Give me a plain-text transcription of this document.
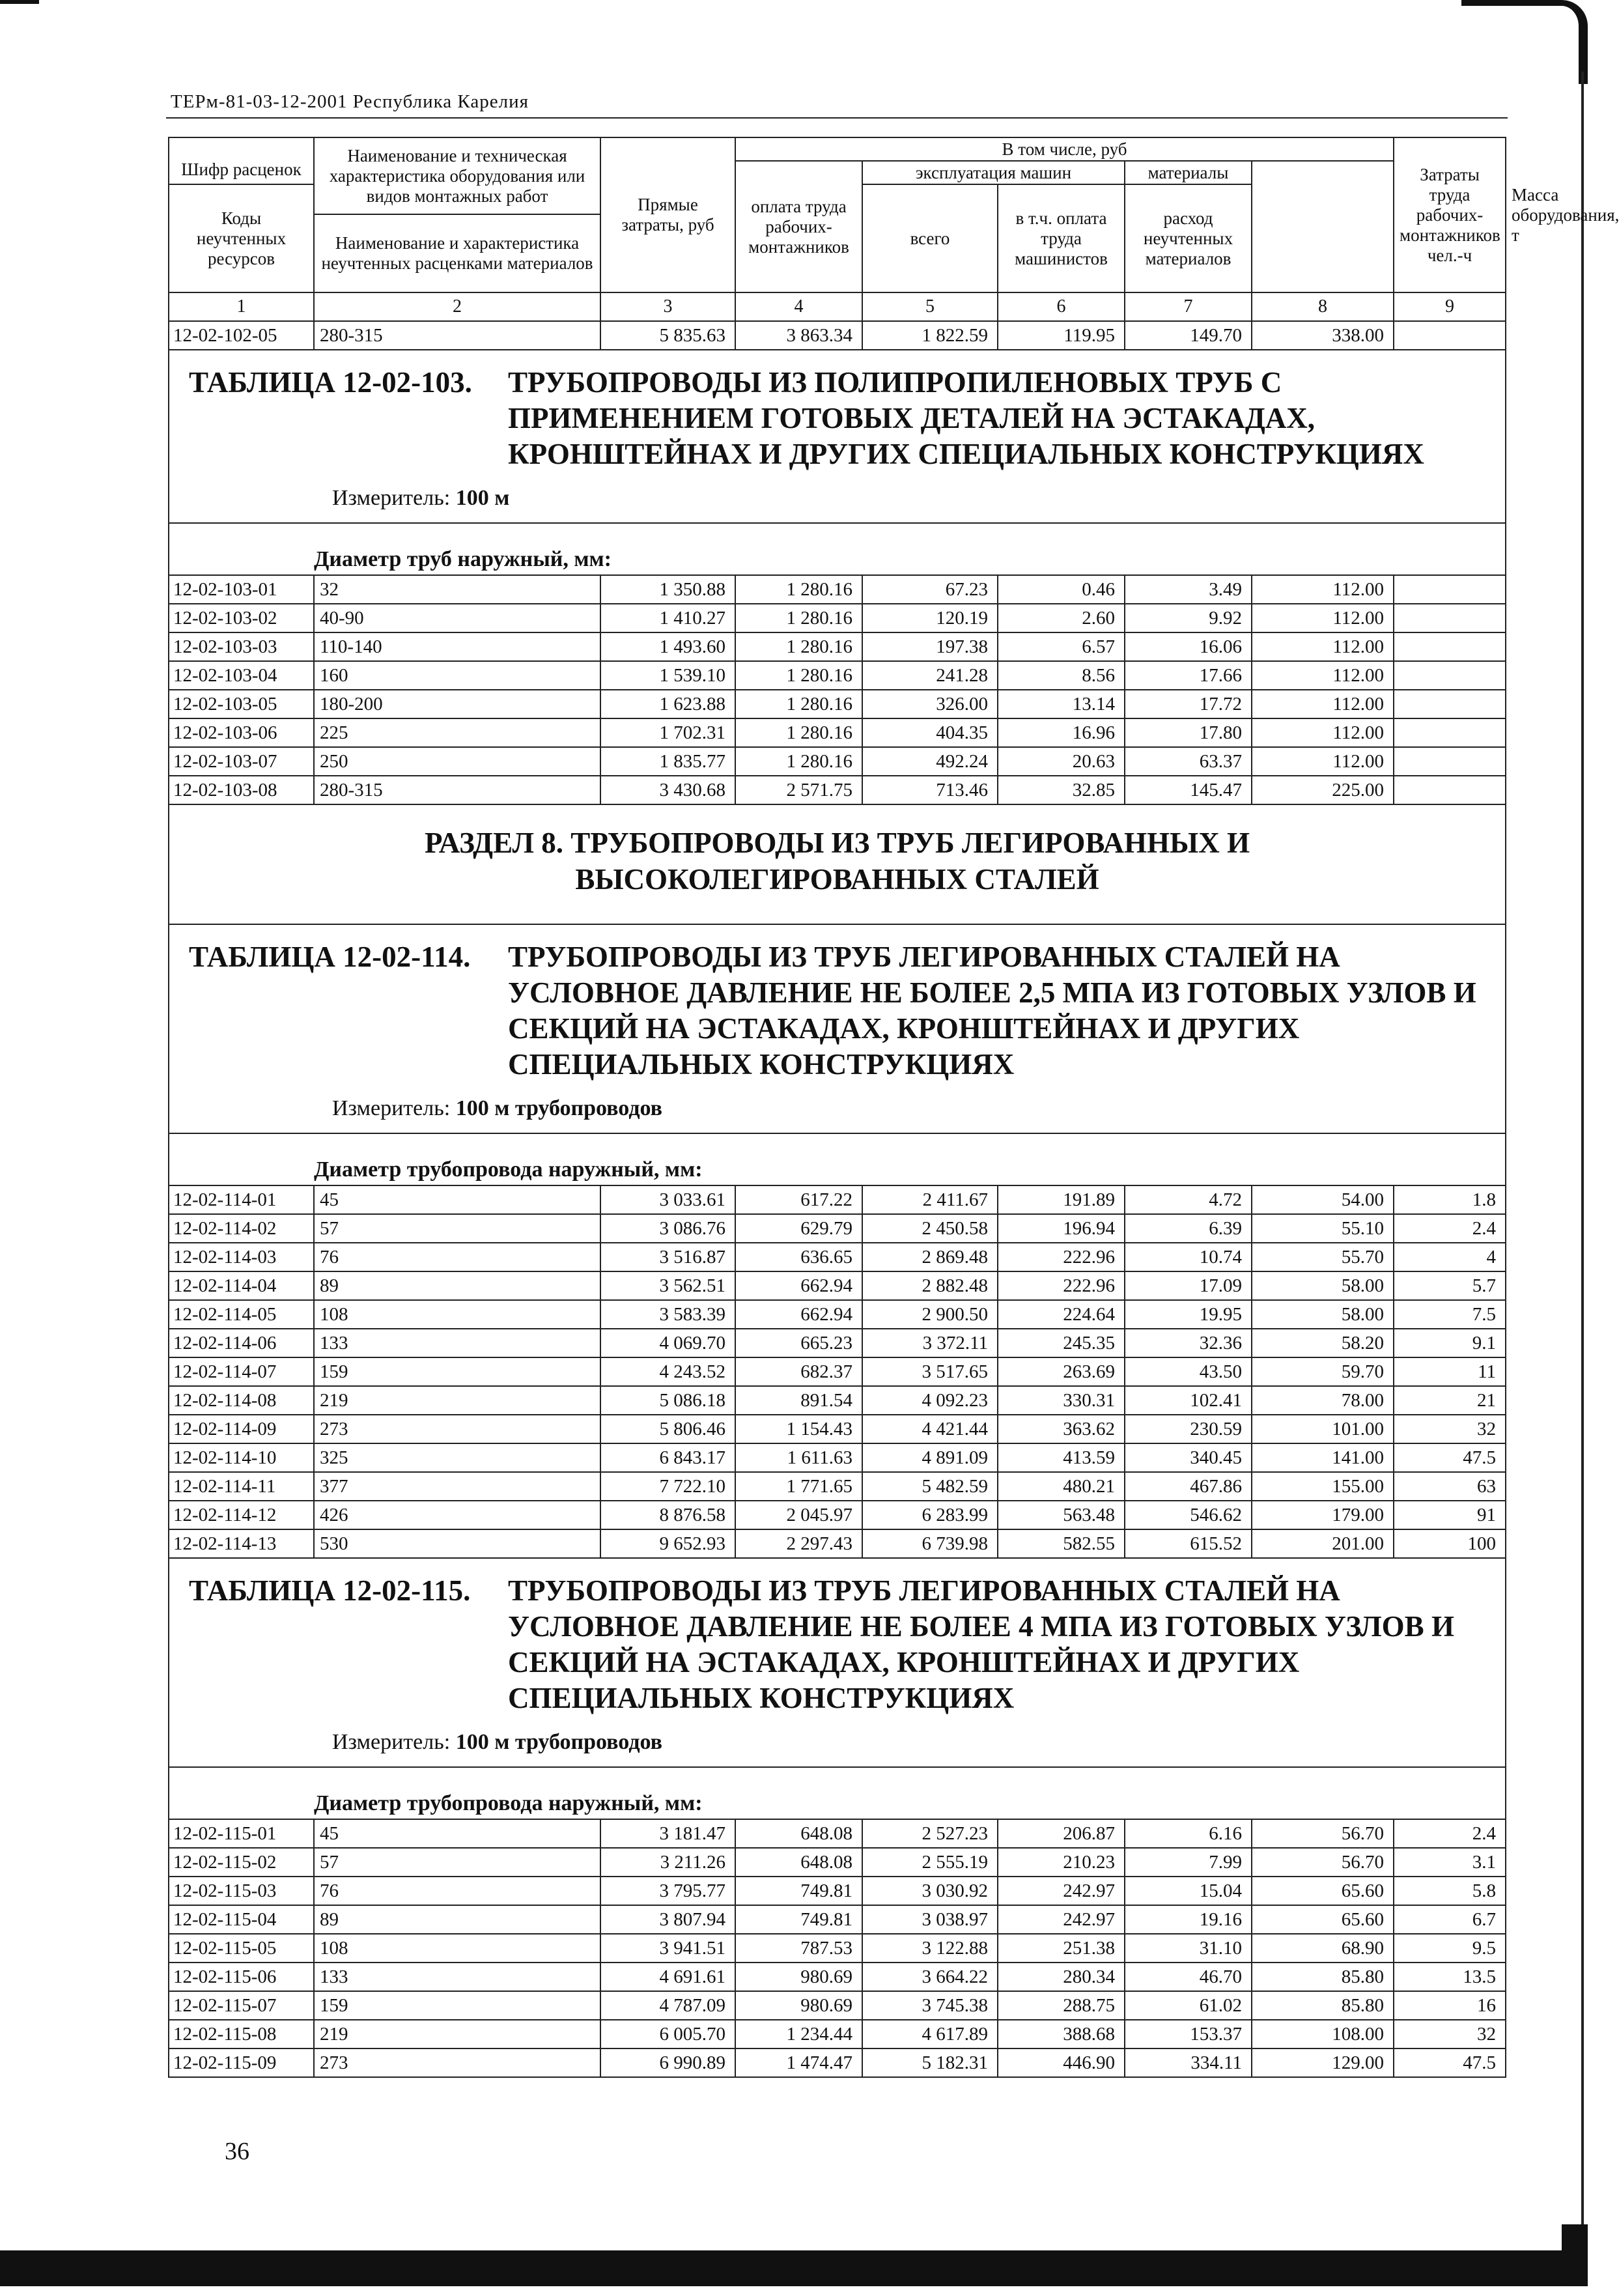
ТЕРм-81-03-12-2001 Республика Карелия
Шифр расценок	Наименование и техническая характеристика оборудования или видов монтажных работ	Прямые затраты, руб	В том числе, руб					Затраты труда рабочих-монтажников чел.-ч	Масса оборудования, т
			оплата труда рабочих-монтажников	эксплуатация машин		материалы		
Коды неучтенных ресурсов				всего	в т.ч. оплата труда машинистов	расход неучтенных материалов			
	Наименование и характеристика неучтенных расценками материалов								

1	2	3	4	5	6	7	8	9	
12-02-102-05	280-315	5 835.63	3 863.34	1 822.59	119.95	149.70	338.00		
ТАБЛИЦА 12-02-103. ТРУБОПРОВОДЫ ИЗ ПОЛИПРОПИЛЕНОВЫХ ТРУБ С
ПРИМЕНЕНИЕМ ГОТОВЫХ ДЕТАЛЕЙ НА ЭСТАКАДАХ,
КРОНШТЕЙНАХ И ДРУГИХ СПЕЦИАЛЬНЫХ КОНСТРУКЦИЯХ
Измеритель: 100 м									

Диаметр труб наружный, мм:									
12-02-103-01	32	1 350.88	1 280.16	67.23	0.46	3.49	112.00		
12-02-103-02	40-90	1 410.27	1 280.16	120.19	2.60	9.92	112.00		
12-02-103-03	110-140	1 493.60	1 280.16	197.38	6.57	16.06	112.00		
12-02-103-04	160	1 539.10	1 280.16	241.28	8.56	17.66	112.00		
12-02-103-05	180-200	1 623.88	1 280.16	326.00	13.14	17.72	112.00		
12-02-103-06	225	1 702.31	1 280.16	404.35	16.96	17.80	112.00		
12-02-103-07	250	1 835.77	1 280.16	492.24	20.63	63.37	112.00		
12-02-103-08	280-315	3 430.68	2 571.75	713.46	32.85	145.47	225.00		

РАЗДЕЛ 8. ТРУБОПРОВОДЫ ИЗ ТРУБ ЛЕГИРОВАННЫХ И
ВЫСОКОЛЕГИРОВАННЫХ СТАЛЕЙ									

ТАБЛИЦА 12-02-114. ТРУБОПРОВОДЫ ИЗ ТРУБ ЛЕГИРОВАННЫХ СТАЛЕЙ НА
УСЛОВНОЕ ДАВЛЕНИЕ НЕ БОЛЕЕ 2,5 МПА ИЗ ГОТОВЫХ УЗЛОВ И
СЕКЦИЙ НА ЭСТАКАДАХ, КРОНШТЕЙНАХ И ДРУГИХ
СПЕЦИАЛЬНЫХ КОНСТРУКЦИЯХ
Измеритель: 100 м трубопроводов									

Диаметр трубопровода наружный, мм:									
12-02-114-01	45	3 033.61	617.22	2 411.67	191.89	4.72	54.00	1.8	
12-02-114-02	57	3 086.76	629.79	2 450.58	196.94	6.39	55.10	2.4	
12-02-114-03	76	3 516.87	636.65	2 869.48	222.96	10.74	55.70	4	
12-02-114-04	89	3 562.51	662.94	2 882.48	222.96	17.09	58.00	5.7	
12-02-114-05	108	3 583.39	662.94	2 900.50	224.64	19.95	58.00	7.5	
12-02-114-06	133	4 069.70	665.23	3 372.11	245.35	32.36	58.20	9.1	
12-02-114-07	159	4 243.52	682.37	3 517.65	263.69	43.50	59.70	11	
12-02-114-08	219	5 086.18	891.54	4 092.23	330.31	102.41	78.00	21	
12-02-114-09	273	5 806.46	1 154.43	4 421.44	363.62	230.59	101.00	32	
12-02-114-10	325	6 843.17	1 611.63	4 891.09	413.59	340.45	141.00	47.5	
12-02-114-11	377	7 722.10	1 771.65	5 482.59	480.21	467.86	155.00	63	
12-02-114-12	426	8 876.58	2 045.97	6 283.99	563.48	546.62	179.00	91	
12-02-114-13	530	9 652.93	2 297.43	6 739.98	582.55	615.52	201.00	100	
ТАБЛИЦА 12-02-115. ТРУБОПРОВОДЫ ИЗ ТРУБ ЛЕГИРОВАННЫХ СТАЛЕЙ НА
УСЛОВНОЕ ДАВЛЕНИЕ НЕ БОЛЕЕ 4 МПА ИЗ ГОТОВЫХ УЗЛОВ И
СЕКЦИЙ НА ЭСТАКАДАХ, КРОНШТЕЙНАХ И ДРУГИХ
СПЕЦИАЛЬНЫХ КОНСТРУКЦИЯХ
Измеритель: 100 м трубопроводов									

Диаметр трубопровода наружный, мм:									
12-02-115-01	45	3 181.47	648.08	2 527.23	206.87	6.16	56.70	2.4	
12-02-115-02	57	3 211.26	648.08	2 555.19	210.23	7.99	56.70	3.1	
12-02-115-03	76	3 795.77	749.81	3 030.92	242.97	15.04	65.60	5.8	
12-02-115-04	89	3 807.94	749.81	3 038.97	242.97	19.16	65.60	6.7	
12-02-115-05	108	3 941.51	787.53	3 122.88	251.38	31.10	68.90	9.5	
12-02-115-06	133	4 691.61	980.69	3 664.22	280.34	46.70	85.80	13.5	
12-02-115-07	159	4 787.09	980.69	3 745.38	288.75	61.02	85.80	16	
12-02-115-08	219	6 005.70	1 234.44	4 617.89	388.68	153.37	108.00	32	
12-02-115-09	273	6 990.89	1 474.47	5 182.31	446.90	334.11	129.00	47.5	
36
